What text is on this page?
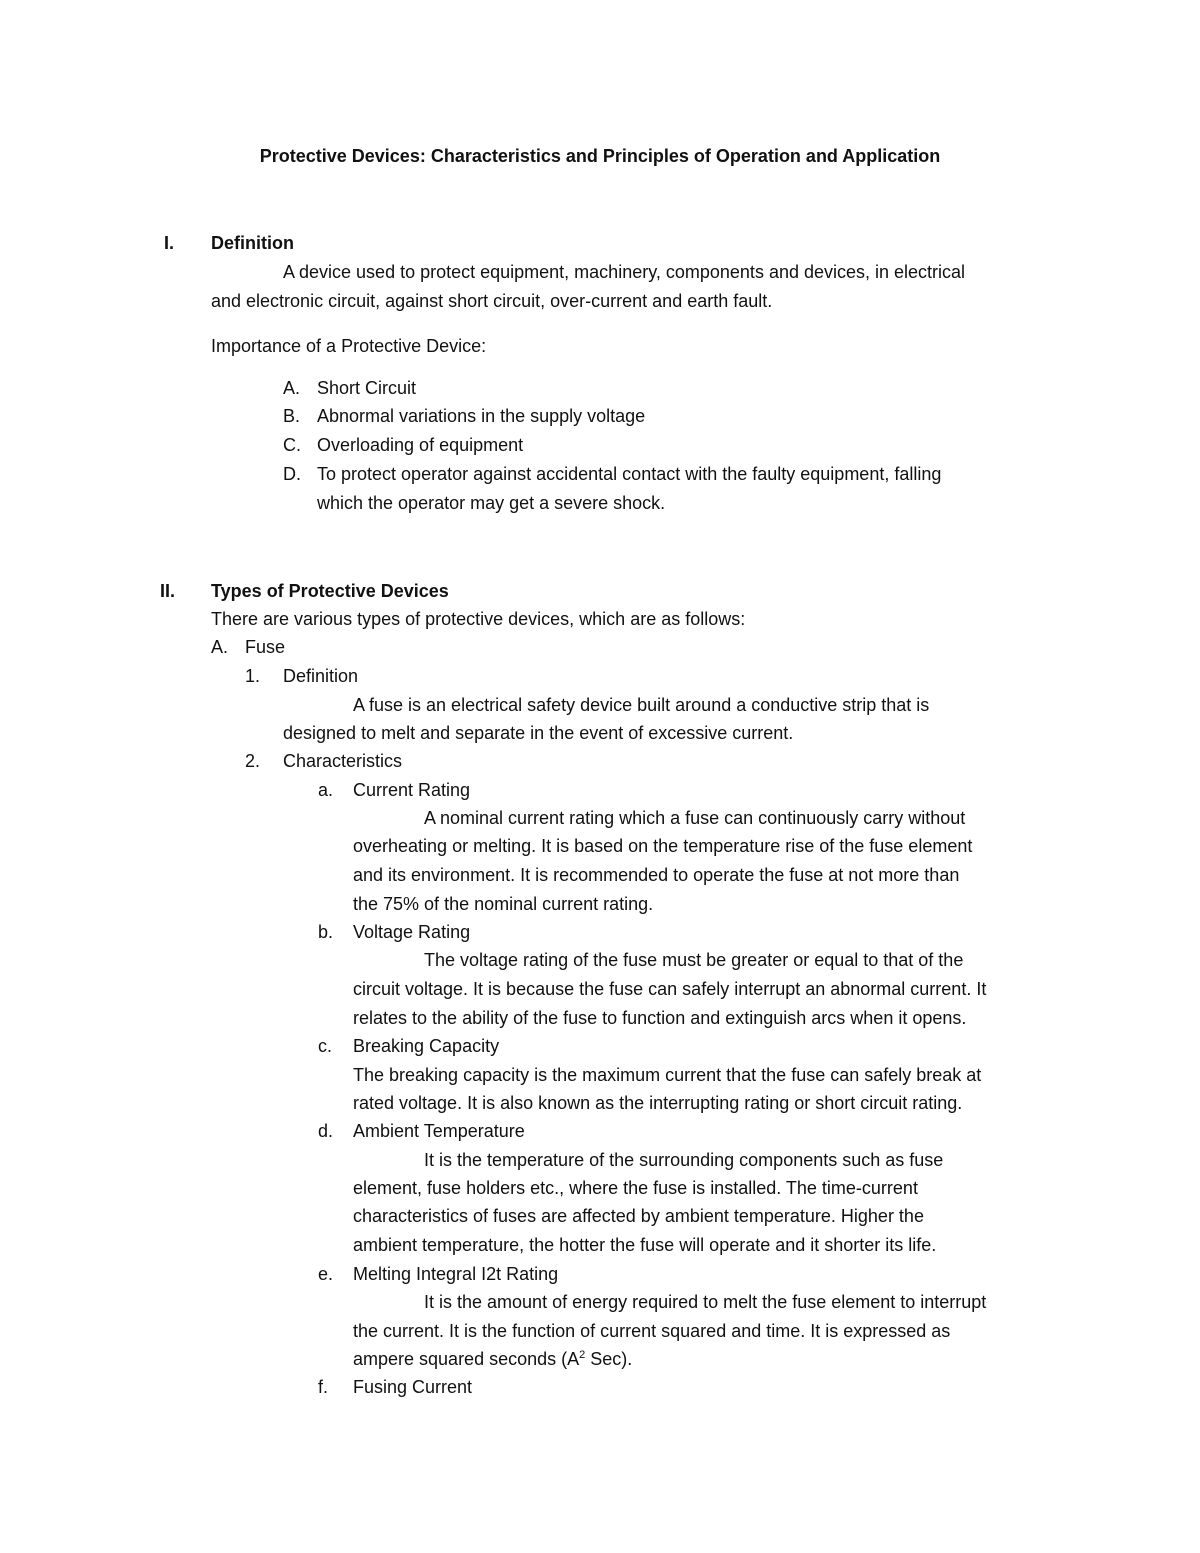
Protective Devices: Characteristics and Principles of Operation and Application

I. Definition

A device used to protect equipment, machinery, components and devices, in electrical

and electronic circuit, against short circuit, over-current and earth fault.

Importance of a Protective Device:

A. Short Circuit

B. Abnormal variations in the supply voltage

C. Overloading of equipment

D. To protect operator against accidental contact with the faulty equipment, falling

which the operator may get a severe shock.

II. Types of Protective Devices

There are various types of protective devices, which are as follows:

A. Fuse

1. Definition

A fuse is an electrical safety device built around a conductive strip that is

designed to melt and separate in the event of excessive current.

2. Characteristics

a. Current Rating

A nominal current rating which a fuse can continuously carry without

overheating or melting. It is based on the temperature rise of the fuse element

and its environment. It is recommended to operate the fuse at not more than

the 75% of the nominal current rating.

b. Voltage Rating

The voltage rating of the fuse must be greater or equal to that of the

circuit voltage. It is because the fuse can safely interrupt an abnormal current. It

relates to the ability of the fuse to function and extinguish arcs when it opens.

c. Breaking Capacity

The breaking capacity is the maximum current that the fuse can safely break at

rated voltage. It is also known as the interrupting rating or short circuit rating.

d. Ambient Temperature

It is the temperature of the surrounding components such as fuse

element, fuse holders etc., where the fuse is installed. The time-current

characteristics of fuses are affected by ambient temperature. Higher the

ambient temperature, the hotter the fuse will operate and it shorter its life.

e. Melting Integral I2t Rating

It is the amount of energy required to melt the fuse element to interrupt

the current. It is the function of current squared and time. It is expressed as

ampere squared seconds ($A^2$ Sec).

f. Fusing Current
